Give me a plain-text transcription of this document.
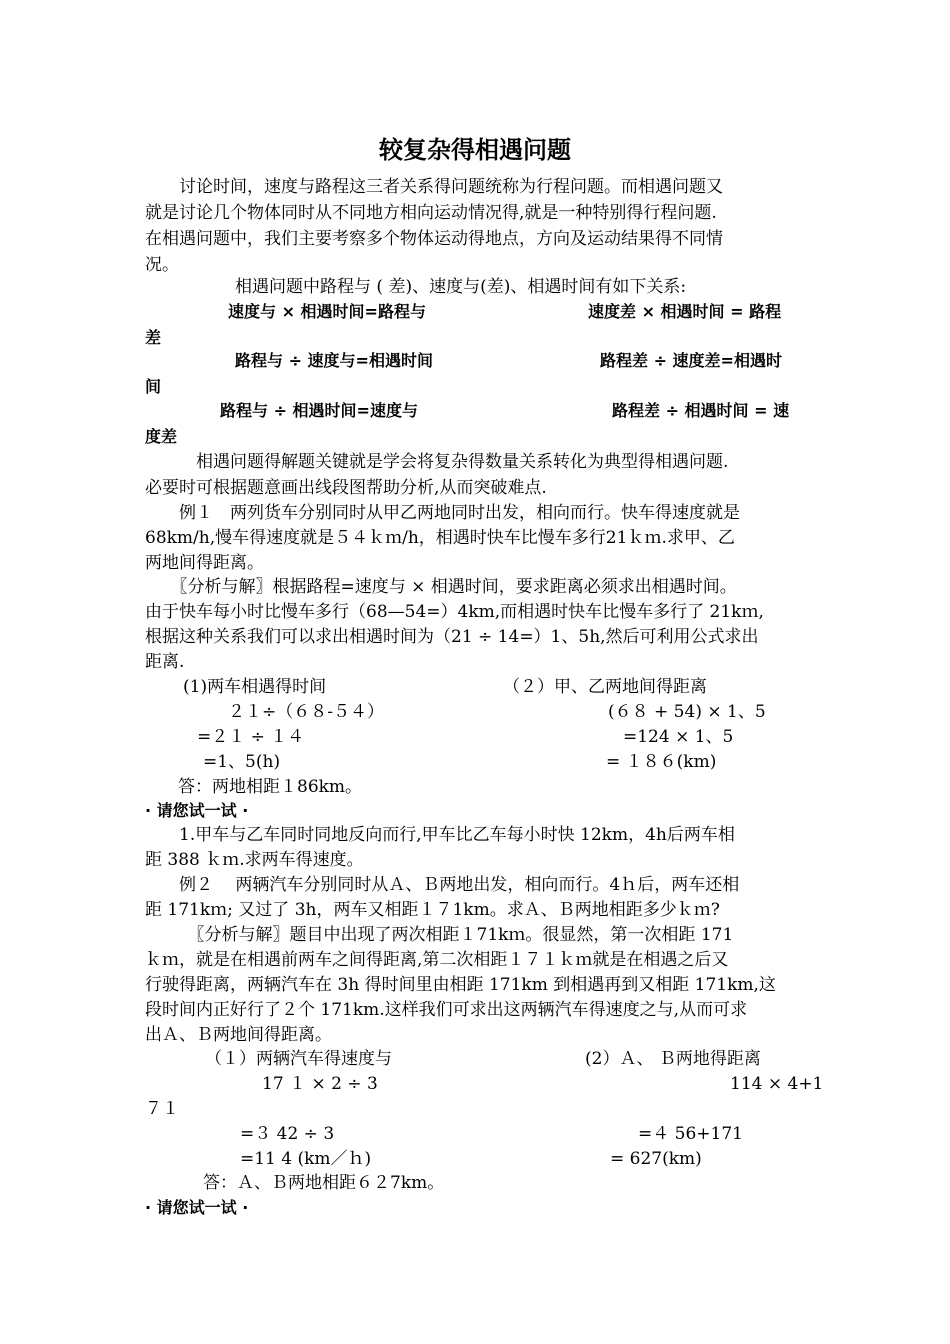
较复杂得相遇问题
　　讨论时间，速度与路程这三者关系得问题统称为行程问题。而相遇问题又
就是讨论几个物体同时从不同地方相向运动情况得,就是一种特别得行程问题.
在相遇问题中，我们主要考察多个物体运动得地点，方向及运动结果得不同情
况。
相遇问题中路程与 ( 差)、速度与(差)、相遇时间有如下关系:
速度与 × 相遇时间=路程与	速度差 × 相遇时间 = 路程
差
路程与 ÷ 速度与=相遇时间	路程差 ÷ 速度差=相遇时
间
路程与 ÷ 相遇时间=速度与	路程差 ÷ 相遇时间 = 速
度差
　　　相遇问题得解题关键就是学会将复杂得数量关系转化为典型得相遇问题.
必要时可根据题意画出线段图帮助分析,从而突破难点.
　　例１　两列货车分别同时从甲乙两地同时出发，相向而行。快车得速度就是
68km/h,慢车得速度就是５４ｋｍ/h，相遇时快车比慢车多行21ｋｍ.求甲、乙
两地间得距离。
　　〖分析与解〗根据路程=速度与 × 相遇时间，要求距离必须求出相遇时间。
由于快车每小时比慢车多行（68—54=）4km,而相遇时快车比慢车多行了 21kｍ,
根据这种关系我们可以求出相遇时间为（21 ÷ 14=）1、5h,然后可利用公式求出
距离.
(1)两车相遇得时间	（２）甲、乙两地间得距离
２１÷（６８-５４）	(６８ + 54) × 1、5
=２１ ÷ １４	=124 × 1、5
=1、5(h)	= １８６(km)
答：两地相距１86km。
· 请您试一试 ·
　　1.甲车与乙车同时同地反向而行,甲车比乙车每小时快 12km，4h后两车相
距 388 ｋｍ.求两车得速度。
　　例２　 两辆汽车分别同时从Ａ、Ｂ两地出发，相向而行。4ｈ后，两车还相
距 171kｍ; 又过了 3h，两车又相距１７1km。求Ａ、Ｂ两地相距多少ｋｍ?
　　　〖分析与解〗题目中出现了两次相距１71kｍ。很显然，第一次相距 171
ｋｍ，就是在相遇前两车之间得距离,第二次相距１７１ｋｍ就是在相遇之后又
行驶得距离，两辆汽车在 3h 得时间里由相距 171km 到相遇再到又相距 171km,这
段时间内正好行了２个 171km.这样我们可求出这两辆汽车得速度之与,从而可求
出Ａ、Ｂ两地间得距离。
（１）两辆汽车得速度与	(2）Ａ、 Ｂ两地得距离
17 １ × 2 ÷ 3	114 × 4+1
７１
=３ 42 ÷ 3	=４ 56+171
=11 4 (km／ｈ)	= 627(km)
答：Ａ、Ｂ两地相距６２7km。
· 请您试一试 ·
